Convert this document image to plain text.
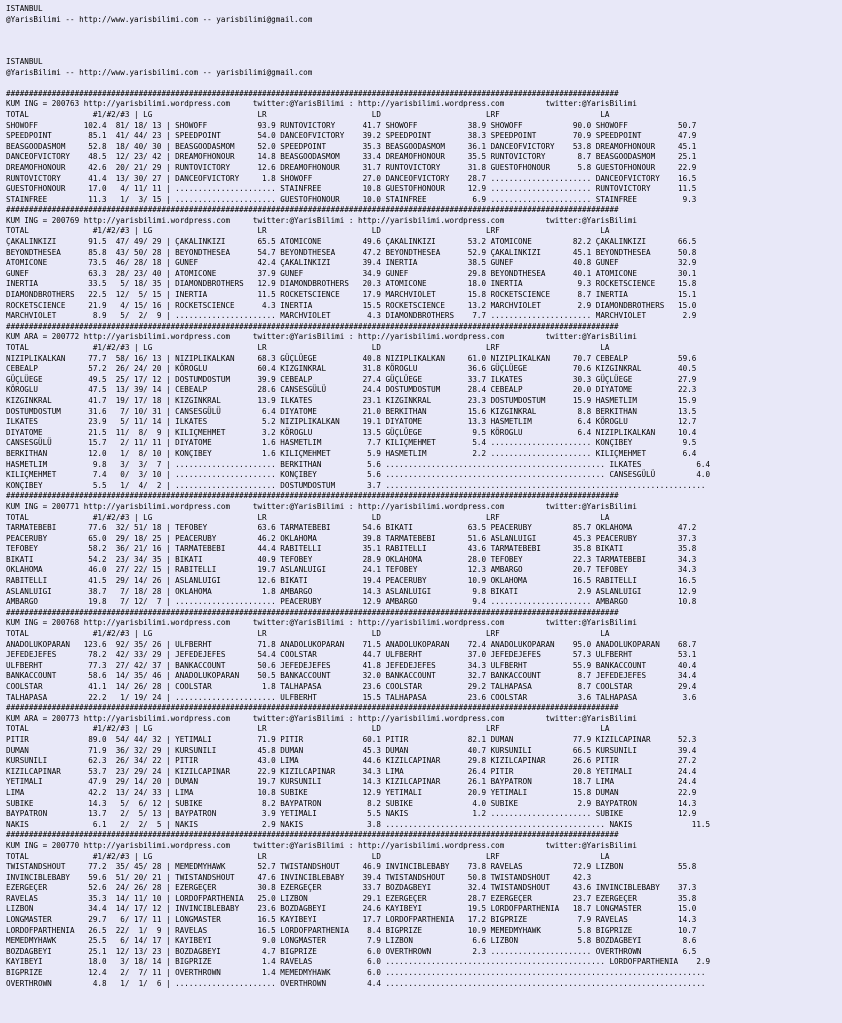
ISTANBUL
@YarisBilimi -- http://www.yarisbilimi.com -- yarisbilimi@gmail.com

ISTANBUL
@YarisBilimi -- http://www.yarisbilimi.com -- yarisbilimi@gmail.com

######################################################################################################################################
KUM ING = 200763 http://yarisbilimi.wordpress.com     twitter:@YarisBilimi : http://yarisbilimi.wordpress.com         twitter:@YarisBilimi
TOTAL              #1/#2/#3 | LG                       LR                       LD                       LRF                      LA
SHOWOFF          102.4  81/ 18/ 13 | SHOWOFF           93.9 RUNTOVICTORY      41.7 SHOWOFF           38.9 SHOWOFF           90.0 SHOWOFF           50.7
SPEEDPOINT        85.1  41/ 44/ 23 | SPEEDPOINT        54.0 DANCEOFVICTORY    39.2 SPEEDPOINT        38.3 SPEEDPOINT        70.9 SPEEDPOINT        47.9
BEASGOODASMOM     52.8  18/ 40/ 30 | BEASGOODASMOM     52.0 SPEEDPOINT        35.3 BEASGOODASMOM     36.1 DANCEOFVICTORY    53.8 DREAMOFHONOUR     45.1
DANCEOFVICTORY    48.5  12/ 23/ 42 | DREAMOFHONOUR     14.8 BEASGOODASMOM     33.4 DREAMOFHONOUR     35.5 RUNTOVICTORY       8.7 BEASGOODASMOM     25.1
DREAMOFHONOUR     42.6  20/ 21/ 29 | RUNTOVICTORY      12.6 DREAMOFHONOUR     31.7 RUNTOVICTORY      31.8 GUESTOFHONOUR      5.8 GUESTOFHONOUR     22.9
RUNTOVICTORY      41.4  13/ 30/ 27 | DANCEOFVICTORY     1.8 SHOWOFF           27.0 DANCEOFVICTORY    28.7 ...................... DANCEOFVICTORY    16.5
GUESTOFHONOUR     17.0   4/ 11/ 11 | ...................... STAINFREE         10.8 GUESTOFHONOUR     12.9 ...................... RUNTOVICTORY      11.5
STAINFREE         11.3   1/  3/ 15 | ...................... GUESTOFHONOUR     10.0 STAINFREE          6.9 ...................... STAINFREE          9.3
######################################################################################################################################
KUM ING = 200769 http://yarisbilimi.wordpress.com     twitter:@YarisBilimi : http://yarisbilimi.wordpress.com         twitter:@YarisBilimi
TOTAL              #1/#2/#3 | LG                       LR                       LD                       LRF                      LA
ÇAKALINKIZI       91.5  47/ 49/ 29 | ÇAKALINKIZI       65.5 ATOMICONE         49.6 ÇAKALINKIZI       53.2 ATOMICONE         82.2 ÇAKALINKIZI       66.5
BEYONDTHESEA      85.8  43/ 50/ 28 | BEYONDTHESEA      54.7 BEYONDTHESEA      47.2 BEYONDTHESEA      52.9 ÇAKALINKIZI       45.1 BEYONDTHESEA      50.8
ATOMICONE         73.5  46/ 28/ 18 | GUNEF             42.4 ÇAKALINKIZI       39.4 INERTIA           38.5 GUNEF             40.8 GUNEF             32.9
GUNEF             63.3  28/ 23/ 40 | ATOMICONE         37.9 GUNEF             34.9 GUNEF             29.8 BEYONDTHESEA      40.1 ATOMICONE         30.1
INERTIA           33.5   5/ 18/ 35 | DIAMONDBROTHERS   12.9 DIAMONDBROTHERS   20.3 ATOMICONE         18.0 INERTIA            9.3 ROCKETSCIENCE     15.8
DIAMONDBROTHERS   22.5  12/  5/ 15 | INERTIA           11.5 ROCKETSCIENCE     17.9 MARCHVIOLET       15.8 ROCKETSCIENCE      8.7 INERTIA           15.1
ROCKETSCIENCE     21.9   4/ 15/ 16 | ROCKETSCIENCE      4.3 INERTIA           15.5 ROCKETSCIENCE     13.2 MARCHVIOLET        2.9 DIAMONDBROTHERS   15.0
MARCHVIOLET        8.9   5/  2/  9 | ...................... MARCHVIOLET        4.3 DIAMONDBROTHERS    7.7 ...................... MARCHVIOLET        2.9
######################################################################################################################################
KUM ARA = 200772 http://yarisbilimi.wordpress.com     twitter:@YarisBilimi : http://yarisbilimi.wordpress.com         twitter:@YarisBilimi
TOTAL              #1/#2/#3 | LG                       LR                       LD                       LRF                      LA
NIZIPLIKALKAN     77.7  58/ 16/ 13 | NIZIPLIKALKAN     68.3 GÜÇLÜEGE          40.8 NIZIPLIKALKAN     61.0 NIZIPLIKALKAN     70.7 CEBEALP           59.6
CEBEALP           57.2  26/ 24/ 20 | KÖROGLU           60.4 KIZGINKRAL        31.8 KÖROGLU           36.6 GÜÇLÜEGE          70.6 KIZGINKRAL        40.5
GÜÇLÜEGE          49.5  25/ 17/ 12 | DOSTUMDOSTUM      39.9 CEBEALP           27.4 GÜÇLÜEGE          33.7 ILKATES           30.3 GÜÇLÜEGE          27.9
KÖROGLU           47.5  13/ 39/ 14 | CEBEALP           28.6 CANSESGÜLÜ        24.4 DOSTUMDOSTUM      28.4 CEBEALP           20.0 DIYATOME          22.3
KIZGINKRAL        41.7  19/ 17/ 18 | KIZGINKRAL        13.9 ILKATES           23.1 KIZGINKRAL        23.3 DOSTUMDOSTUM      15.9 HASMETLIM         15.9
DOSTUMDOSTUM      31.6   7/ 10/ 31 | CANSESGÜLÜ         6.4 DIYATOME          21.0 BERKITHAN         15.6 KIZGINKRAL         8.8 BERKITHAN         13.5
ILKATES           23.9   5/ 11/ 14 | ILKATES            5.2 NIZIPLIKALKAN     19.1 DIYATOME          13.3 HASMETLIM          6.4 KÖROGLU           12.7
DIYATOME          21.5  11/  8/  9 | KILIÇMEHMET        3.2 KÖROGLU           13.5 GÜÇLÜEGE           9.5 KÖROGLU            6.4 NIZIPLIKALKAN     10.4
CANSESGÜLÜ        15.7   2/ 11/ 11 | DIYATOME           1.6 HASMETLIM          7.7 KILIÇMEHMET        5.4 ...................... KONÇIBEY           9.5
BERKITHAN         12.0   1/  8/ 10 | KONÇIBEY           1.6 KILIÇMEHMET        5.9 HASMETLIM          2.2 ...................... KILIÇMEHMET        6.4
HASMETLIM          9.8   3/  3/  7 | ...................... BERKITHAN          5.6 ................................................ ILKATES            6.4
KILIÇMEHMET        7.4   0/  3/ 10 | ...................... KONÇIBEY           5.6 ................................................ CANSESGÜLÜ         4.0
KONÇIBEY           5.5   1/  4/  2 | ...................... DOSTUMDOSTUM       3.7 ......................................................................
######################################################################################################################################
KUM ING = 200771 http://yarisbilimi.wordpress.com     twitter:@YarisBilimi : http://yarisbilimi.wordpress.com         twitter:@YarisBilimi
TOTAL              #1/#2/#3 | LG                       LR                       LD                       LRF                      LA
TARMATEBEBI       77.6  32/ 51/ 18 | TEFOBEY           63.6 TARMATEBEBI       54.6 BIKATI            63.5 PEACERUBY         85.7 OKLAHOMA          47.2
PEACERUBY         65.0  29/ 18/ 25 | PEACERUBY         46.2 OKLAHOMA          39.8 TARMATEBEBI       51.6 ASLANLUIGI        45.3 PEACERUBY         37.3
TEFOBEY           58.2  36/ 21/ 16 | TARMATEBEBI       44.4 RABITELLI         35.1 RABITELLI         43.6 TARMATEBEBI       35.8 BIKATI            35.8
BIKATI            54.2  23/ 34/ 35 | BIKATI            40.9 TEFOBEY           28.9 OKLAHOMA          28.0 TEFOBEY           22.3 TARMATEBEBI       34.3
OKLAHOMA          46.0  27/ 22/ 15 | RABITELLI         19.7 ASLANLUIGI        24.1 TEFOBEY           12.3 AMBARGO           20.7 TEFOBEY           34.3
RABITELLI         41.5  29/ 14/ 26 | ASLANLUIGI        12.6 BIKATI            19.4 PEACERUBY         10.9 OKLAHOMA          16.5 RABITELLI         16.5
ASLANLUIGI        38.7   7/ 18/ 28 | OKLAHOMA           1.8 AMBARGO           14.3 ASLANLUIGI         9.8 BIKATI             2.9 ASLANLUIGI        12.9
AMBARGO           19.8   7/ 12/  7 | ...................... PEACERUBY         12.9 AMBARGO            9.4 ...................... AMBARGO           10.8
######################################################################################################################################
KUM ING = 200768 http://yarisbilimi.wordpress.com     twitter:@YarisBilimi : http://yarisbilimi.wordpress.com         twitter:@YarisBilimi
TOTAL              #1/#2/#3 | LG                       LR                       LD                       LRF                      LA
ANADOLUKOPARAN   123.6  92/ 35/ 26 | ULFBERHT          71.8 ANADOLUKOPARAN    71.5 ANADOLUKOPARAN    72.4 ANADOLUKOPARAN    95.0 ANADOLUKOPARAN    68.7
JEFEDEJEFES       78.2  42/ 33/ 29 | JEFEDEJEFES       54.4 COOLSTAR          44.7 ULFBERHT          37.0 JEFEDEJEFES       57.3 ULFBERHT          53.1
ULFBERHT          77.3  27/ 42/ 37 | BANKACCOUNT       50.6 JEFEDEJEFES       41.8 JEFEDEJEFES       34.3 ULFBERHT          55.9 BANKACCOUNT       40.4
BANKACCOUNT       58.6  14/ 35/ 46 | ANADOLUKOPARAN    50.5 BANKACCOUNT       32.0 BANKACCOUNT       32.7 BANKACCOUNT        8.7 JEFEDEJEFES       34.4
COOLSTAR          41.1  14/ 26/ 28 | COOLSTAR           1.8 TALHAPASA         23.6 COOLSTAR          29.2 TALHAPASA          8.7 COOLSTAR          29.4
TALHAPASA         22.2   1/ 19/ 24 | ...................... ULFBERHT          15.5 TALHAPASA         23.6 COOLSTAR           3.6 TALHAPASA          3.6
######################################################################################################################################
KUM ARA = 200773 http://yarisbilimi.wordpress.com     twitter:@YarisBilimi : http://yarisbilimi.wordpress.com         twitter:@YarisBilimi
TOTAL              #1/#2/#3 | LG                       LR                       LD                       LRF                      LA
PITIR             89.0  54/ 44/ 32 | YETIMALI          71.9 PITIR             60.1 PITIR             82.1 DUMAN             77.9 KIZILCAPINAR      52.3
DUMAN             71.9  36/ 32/ 29 | KURSUNILI         45.8 DUMAN             45.3 DUMAN             40.7 KURSUNILI         66.5 KURSUNILI         39.4
KURSUNILI         62.3  26/ 34/ 22 | PITIR             43.0 LIMA              44.6 KIZILCAPINAR      29.8 KIZILCAPINAR      26.6 PITIR             27.2
KIZILCAPINAR      53.7  23/ 29/ 24 | KIZILCAPINAR      22.9 KIZILCAPINAR      34.3 LIMA              26.4 PITIR             20.8 YETIMALI          24.4
YETIMALI          47.9  29/ 14/ 20 | DUMAN             19.7 KURSUNILI         14.3 KIZILCAPINAR      26.1 BAYPATRON         18.7 LIMA              24.4
LIMA              42.2  13/ 24/ 33 | LIMA              10.8 SUBIKE            12.9 YETIMALI          20.9 YETIMALI          15.8 DUMAN             22.9
SUBIKE            14.3   5/  6/ 12 | SUBIKE             8.2 BAYPATRON          8.2 SUBIKE             4.0 SUBIKE             2.9 BAYPATRON         14.3
BAYPATRON         13.7   2/  5/ 13 | BAYPATRON          3.9 YETIMALI           5.5 NAKIS              1.2 ...................... SUBIKE            12.9
NAKIS              6.1   2/  2/  5 | NAKIS              2.9 NAKIS              3.8 ................................................ NAKIS             11.5
######################################################################################################################################
KUM ING = 200770 http://yarisbilimi.wordpress.com     twitter:@YarisBilimi : http://yarisbilimi.wordpress.com         twitter:@YarisBilimi
TOTAL              #1/#2/#3 | LG                       LR                       LD                       LRF                      LA
TWISTANDSHOUT     77.2  35/ 45/ 28 | MEMEDMYHAWK       52.7 TWISTANDSHOUT     46.9 INVINCIBLEBABY    73.8 RAVELAS           72.9 LIZBON            55.8
INVINCIBLEBABY    59.6  51/ 20/ 21 | TWISTANDSHOUT     47.6 INVINCIBLEBABY    39.4 TWISTANDSHOUT     50.8 TWISTANDSHOUT     42.3
EZERGEÇER         52.6  24/ 26/ 28 | EZERGEÇER         30.8 EZERGEÇER         33.7 BOZDAGBEYI        32.4 TWISTANDSHOUT     43.6 INVINCIBLEBABY    37.3
RAVELAS           35.3  14/ 11/ 10 | LORDOFPARTHENIA   25.0 LIZBON            29.1 EZERGEÇER         28.7 EZERGEÇER         23.7 EZERGEÇER         35.8
LIZBON            34.4  14/ 17/ 12 | INVINCIBLEBABY    23.6 BOZDAGBEYI        24.6 KAYIBEYI          19.5 LORDOFPARTHENIA   18.7 LONGMASTER        15.0
LONGMASTER        29.7   6/ 17/ 11 | LONGMASTER        16.5 KAYIBEYI          17.7 LORDOFPARTHENIA   17.2 BIGPRIZE           7.9 RAVELAS           14.3
LORDOFPARTHENIA   26.5  22/  1/  9 | RAVELAS           16.5 LORDOFPARTHENIA    8.4 BIGPRIZE          10.9 MEMEDMYHAWK        5.8 BIGPRIZE          10.7
MEMEDMYHAWK       25.5   6/ 14/ 17 | KAYIBEYI           9.0 LONGMASTER         7.9 LIZBON             6.6 LIZBON             5.8 BOZDAGBEYI         8.6
BOZDAGBEYI        25.1  12/ 13/ 23 | BOZDAGBEYI         4.7 BIGPRIZE           6.0 OVERTHROWN         2.3 ...................... OVERTHROWN         6.5
KAYIBEYI          18.0   3/ 18/ 14 | BIGPRIZE           1.4 RAVELAS            6.0 ................................................ LORDOFPARTHENIA    2.9
BIGPRIZE          12.4   2/  7/ 11 | OVERTHROWN         1.4 MEMEDMYHAWK        6.0 ......................................................................
OVERTHROWN         4.8   1/  1/  6 | ...................... OVERTHROWN         4.4 ......................................................................
